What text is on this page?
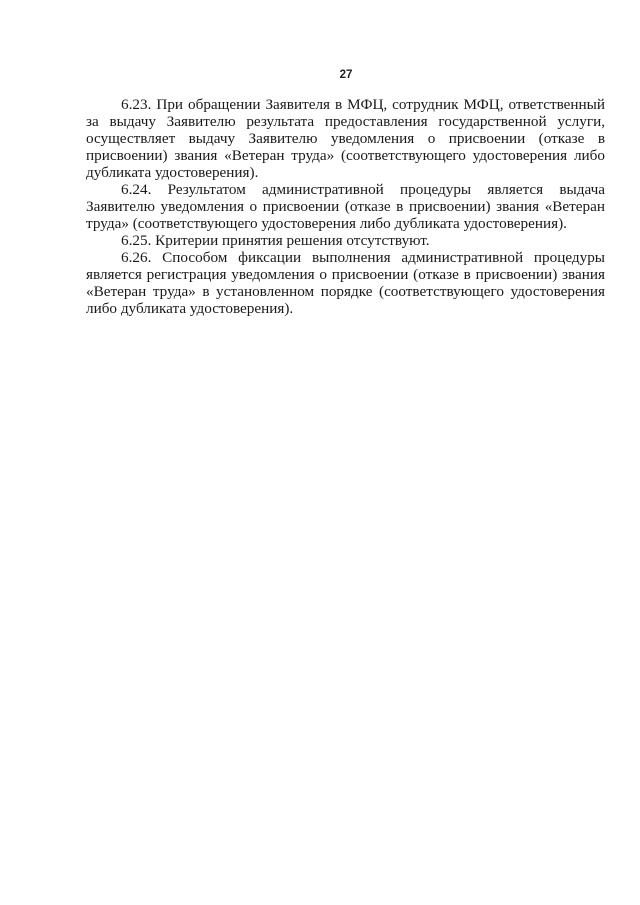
27

6.23. При обращении Заявителя в МФЦ, сотрудник МФЦ, ответственный за выдачу Заявителю результата предоставления государственной услуги, осуществляет выдачу Заявителю уведомления о присвоении (отказе в присвоении) звания «Ветеран труда» (соответствующего удостоверения либо дубликата удостоверения).

6.24. Результатом административной процедуры является выдача Заявителю уведомления о присвоении (отказе в присвоении) звания «Ветеран труда» (соответствующего удостоверения либо дубликата удостоверения).

6.25. Критерии принятия решения отсутствуют.

6.26. Способом фиксации выполнения административной процедуры является регистрация уведомления о присвоении (отказе в присвоении) звания «Ветеран труда» в установленном порядке (соответствующего удостоверения либо дубликата удостоверения).
